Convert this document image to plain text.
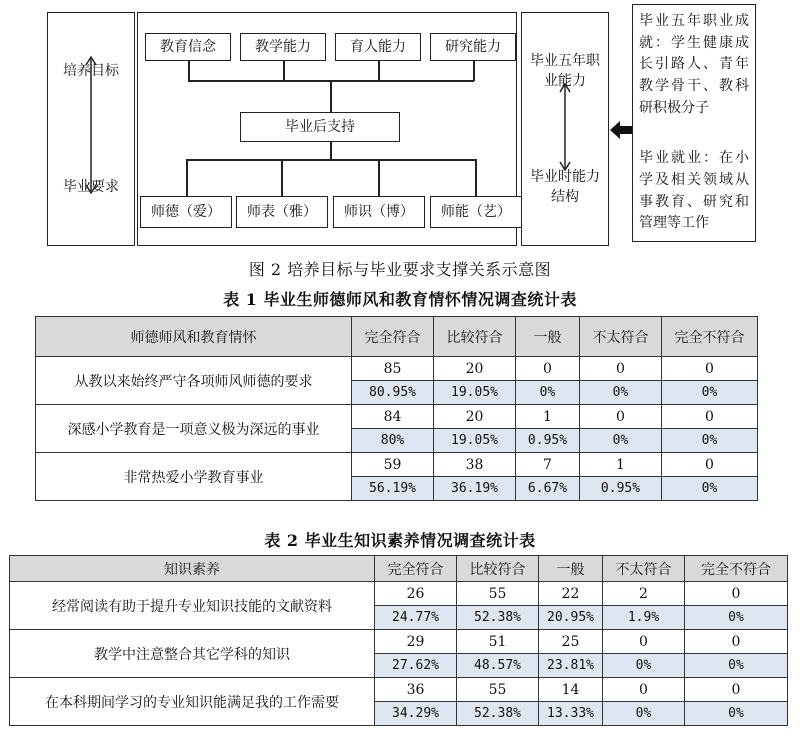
培养目标
毕业要求
教育信念	教学能力	育人能力	研究能力
毕业后支持
师德（爱） 师表（雅） 师识（博） 师能（艺）
毕业五年职业能力
毕业时能力结构
毕业五年职业成就：学生健康成长引路人、青年教学骨干、教科研积极分子
毕业就业：在小学及相关领域从事教育、研究和管理等工作
图 2 培养目标与毕业要求支撑关系示意图
表 1 毕业生师德师风和教育情怀情况调查统计表
师德师风和教育情怀	完全符合	比较符合	一般	不太符合	完全不符合
从教以来始终严守各项师风师德的要求	85	20	0	0	0
	80.95%	19.05%	0%	0%	0%
深感小学教育是一项意义极为深远的事业	84	20	1	0	0
	80%	19.05%	0.95%	0%	0%
非常热爱小学教育事业	59	38	7	1	0
	56.19%	36.19%	6.67%	0.95%	0%
表 2 毕业生知识素养情况调查统计表
知识素养	完全符合	比较符合	一般	不太符合	完全不符合
经常阅读有助于提升专业知识技能的文献资料	26	55	22	2	0
	24.77%	52.38%	20.95%	1.9%	0%
教学中注意整合其它学科的知识	29	51	25	0	0
	27.62%	48.57%	23.81%	0%	0%
在本科期间学习的专业知识能满足我的工作需要	36	55	14	0	0
	34.29%	52.38%	13.33%	0%	0%
